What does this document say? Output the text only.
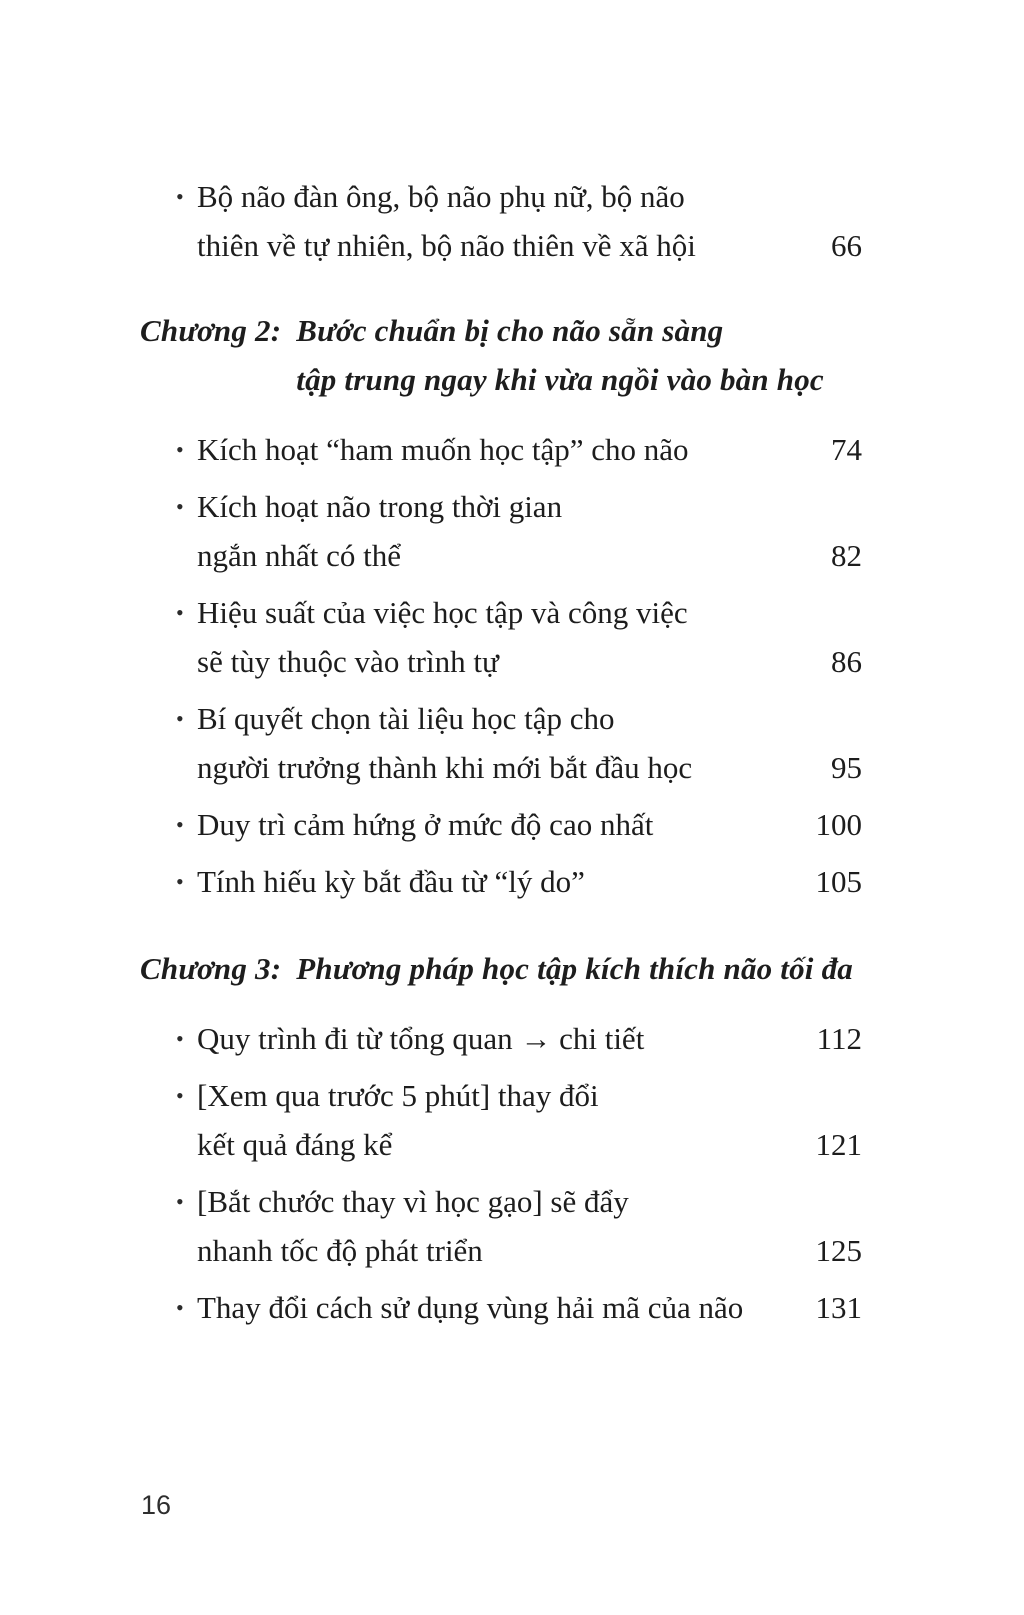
• Bộ não đàn ông, bộ não phụ nữ, bộ não
thiên về tự nhiên, bộ não thiên về xã hội	66
Chương 2: Bước chuẩn bị cho não sẵn sàng
tập trung ngay khi vừa ngồi vào bàn học
• Kích hoạt “ham muốn học tập” cho não	74
• Kích hoạt não trong thời gian
ngắn nhất có thể	82
• Hiệu suất của việc học tập và công việc
sẽ tùy thuộc vào trình tự	86
• Bí quyết chọn tài liệu học tập cho
người trưởng thành khi mới bắt đầu học	95
• Duy trì cảm hứng ở mức độ cao nhất	100
• Tính hiếu kỳ bắt đầu từ “lý do”	105
Chương 3: Phương pháp học tập kích thích não tối đa
• Quy trình đi từ tổng quan → chi tiết	112
• [Xem qua trước 5 phút] thay đổi
kết quả đáng kể	121
• [Bắt chước thay vì học gạo] sẽ đẩy
nhanh tốc độ phát triển	125
• Thay đổi cách sử dụng vùng hải mã của não	131
16
